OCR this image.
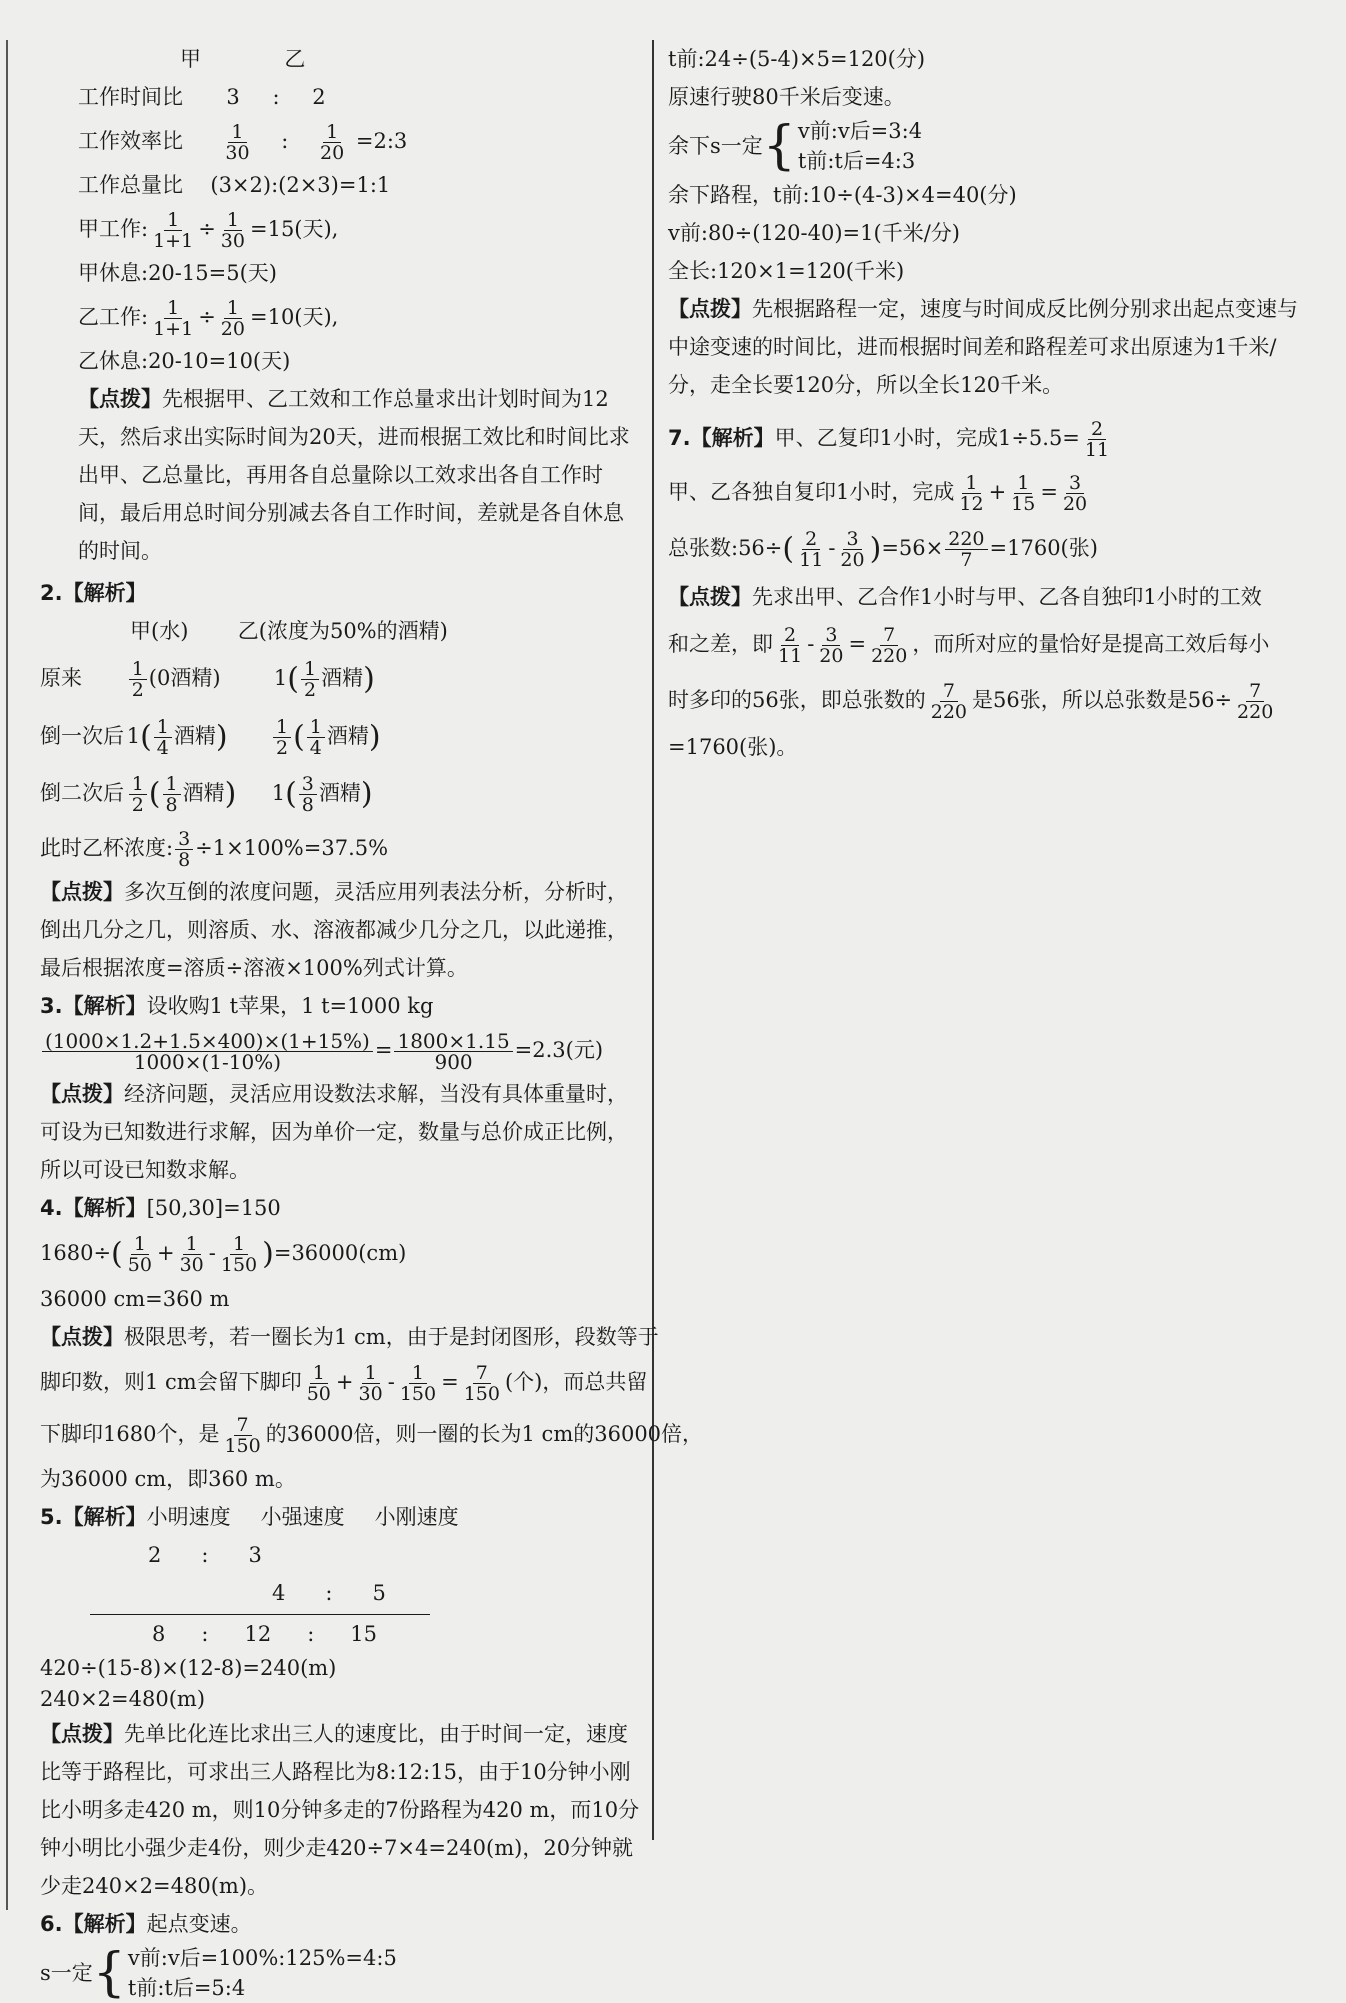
甲	乙
工作时间比 3 : 2
工作效率比 $\frac{1}{30}$ : $\frac{1}{20}$ =2:3
工作总量比 (3×2):(2×3)=1:1
甲工作: $\frac{1}{1+1} \div \frac{1}{30} =15$(天),
甲休息:20-15=5(天)
乙工作: $\frac{1}{1+1} \div \frac{1}{20} =10$(天),
乙休息:20-10=10(天)
【点拨】先根据甲、乙工效和工作总量求出计划时间为12天，然后求出实际时间为20天，进而根据工效比和时间比求出甲、乙总量比，再用各自总量除以工效求出各自工作时间，最后用总时间分别减去各自工作时间，差就是各自休息的时间。
2.【解析】
甲(水) 乙(浓度为50%的酒精)
原来 $\frac{1}{2} (0$酒精)	$1( \frac{1}{2}$ 酒精)
倒一次后 $1( \frac{1}{4}$ 酒精) $\frac{1}{2}$ ( $\frac{1}{4}$ 酒精)
倒二次后 $\frac{1}{2}$ ( $\frac{1}{8}$ 酒精) $1( \frac{3}{8}$ 酒精)
此时乙杯浓度: $\frac{3}{8} \div 1\times 100\%=37.5\%$
【点拨】多次互倒的浓度问题，灵活应用列表法分析，分析时，倒出几分之几，则溶质、水、溶液都减少几分之几，以此递推，最后根据浓度=溶质÷溶液×100%列式计算。
3.【解析】设收购1 t苹果，1 t=1000 kg
$\frac{(1000\times 1.2+1.5\times 400)\times(1+15\%)}{1000\times(1-10\%)} = \frac{1800\times 1.15}{900} =2.3$(元)
【点拨】经济问题，灵活应用设数法求解，当没有具体重量时，可设为已知数进行求解，因为单价一定，数量与总价成正比例，所以可设已知数求解。
4.【解析】[50,30]=150
$1680\div( \frac{1}{50} + \frac{1}{30} - \frac{1}{150} )=36000(cm)$
36000 cm=360 m
【点拨】极限思考，若一圈长为1 cm，由于是封闭图形，段数等于
脚印数，则1 cm会留下脚印 $\frac{1}{50} + \frac{1}{30} - \frac{1}{150} = \frac{7}{150}$ (个)，而总共留
下脚印1680个，是 $\frac{7}{150}$ 的36000倍，则一圈的长为1 cm的36000倍，
为36000 cm，即360 m。
5.【解析】小明速度 小强速度 小刚速度
2 : 3
4 : 5
8 : 12 : 15
420÷(15-8)×(12-8)=240(m)
240×2=480(m)
【点拨】先单比化连比求出三人的速度比，由于时间一定，速度比等于路程比，可求出三人路程比为8:12:15，由于10分钟小刚比小明多走420 m，则10分钟多走的7份路程为420 m，而10分钟小明比小强少走4份，则少走420÷7×4=240(m)，20分钟就少走240×2=480(m)。
6.【解析】起点变速。
s一定 { v前:v后=100%:125%=4:5
t前:t后=5:4
t前:24÷(5-4)×5=120(分)
原速行驶80千米后变速。
余下s一定 { v前:v后=3:4
t前:t后=4:3
余下路程，t前:10÷(4-3)×4=40(分)
v前:80÷(120-40)=1(千米/分)
全长:120×1=120(千米)
【点拨】先根据路程一定，速度与时间成反比例分别求出起点变速与中途变速的时间比，进而根据时间差和路程差可求出原速为1千米/分，走全长要120分，所以全长120千米。
7.【解析】甲、乙复印1小时，完成$1\div 5.5= \frac{2}{11}$
甲、乙各独自复印1小时，完成 $\frac{1}{12} + \frac{1}{15} = \frac{3}{20}$
总张数:56÷( $\frac{2}{11} - \frac{3}{20} )=56\times \frac{220}{7} =1760$(张)
【点拨】先求出甲、乙合作1小时与甲、乙各自独印1小时的工效
和之差，即 $\frac{2}{11} - \frac{3}{20} = \frac{7}{220}$ ，而所对应的量恰好是提高工效后每小
时多印的56张，即总张数的 $\frac{7}{220}$ 是56张，所以总张数是$56\div \frac{7}{220}$
=1760(张)。
